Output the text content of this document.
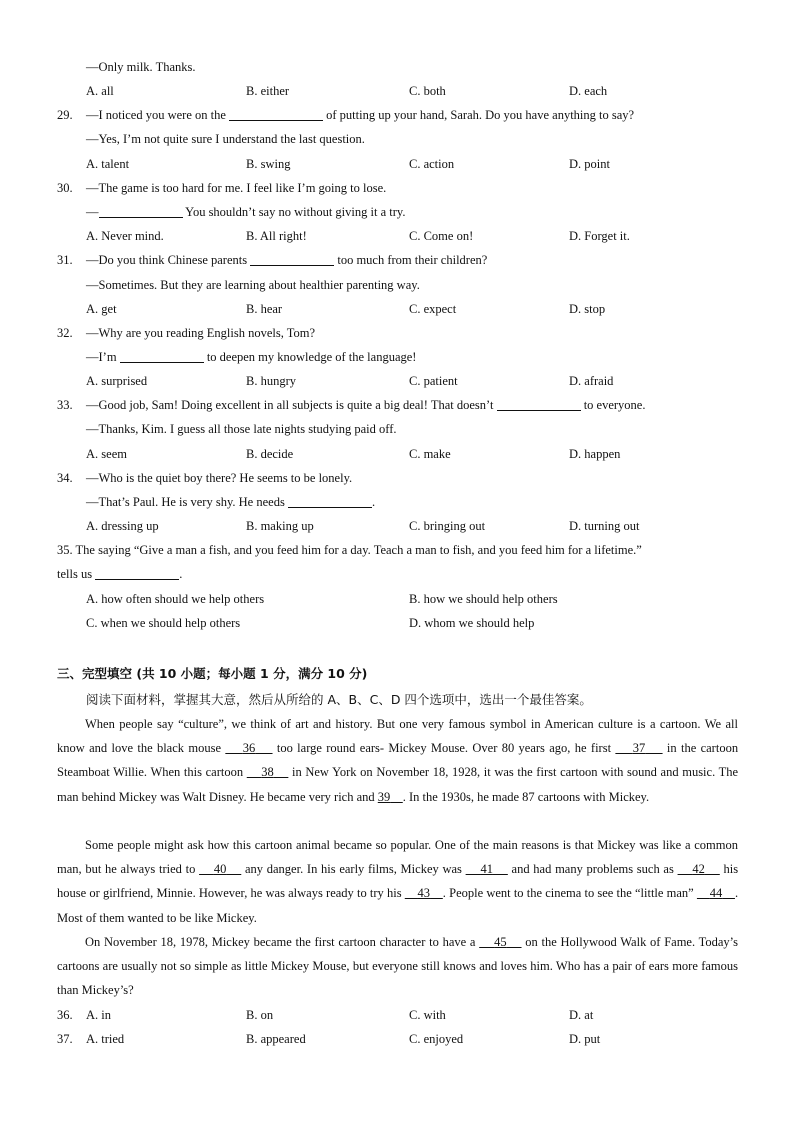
—Only milk. Thanks.
A. all	B. either	C. both	D. each
29. —I noticed you were on the	of putting up your hand, Sarah. Do you have anything to say?
—Yes, I’m not quite sure I understand the last question.
A. talent	B. swing	C. action	D. point
30. —The game is too hard for me. I feel like I’m going to lose.
—	You shouldn’t say no without giving it a try.
A. Never mind.	B. All right!	C. Come on!	D. Forget it.
31. —Do you think Chinese parents	too much from their children?
—Sometimes. But they are learning about healthier parenting way.
A. get	B. hear	C. expect	D. stop
32. —Why are you reading English novels, Tom?
—I’m	to deepen my knowledge of the language!
A. surprised	B. hungry	C. patient	D. afraid
33. —Good job, Sam! Doing excellent in all subjects is quite a big deal! That doesn’t	to everyone.
—Thanks, Kim. I guess all those late nights studying paid off.
A. seem	B. decide	C. make	D. happen
34. —Who is the quiet boy there? He seems to be lonely.
—That’s Paul. He is very shy. He needs	.
A. dressing up	B. making up	C. bringing out	D. turning out
35. The saying “Give a man a fish, and you feed him for a day. Teach a man to fish, and you feed him for a lifetime.”
tells us	.
A. how often should we help others	B. how we should help others
C. when we should help others	D. whom we should help
三、完型填空 (共 10 小题；每小题 1 分，满分 10 分)
阅读下面材料，掌握其大意，然后从所给的 A、B、C、D 四个选项中，选出一个最佳答案。
When people say “culture”, we think of art and history. But one very famous symbol in American culture is a cartoon. We all know and love the black mouse 36 too large round ears- Mickey Mouse. Over 80 years ago, he first 37 in the cartoon Steamboat Willie. When this cartoon 38 in New York on November 18, 1928, it was the first cartoon with sound and music. The man behind Mickey was Walt Disney. He became very rich and 39 . In the 1930s, he made 87 cartoons with Mickey.
Some people might ask how this cartoon animal became so popular. One of the main reasons is that Mickey was like a common man, but he always tried to 40 any danger. In his early films, Mickey was 41 and had many problems such as 42 his house or girlfriend, Minnie. However, he was always ready to try his 43 . People went to the cinema to see the “little man” 44 . Most of them wanted to be like Mickey.
On November 18, 1978, Mickey became the first cartoon character to have a 45 on the Hollywood Walk of Fame. Today’s cartoons are usually not so simple as little Mickey Mouse, but everyone still knows and loves him. Who has a pair of ears more famous than Mickey’s?
36. A. in	B. on	C. with	D. at
37. A. tried	B. appeared	C. enjoyed	D. put
